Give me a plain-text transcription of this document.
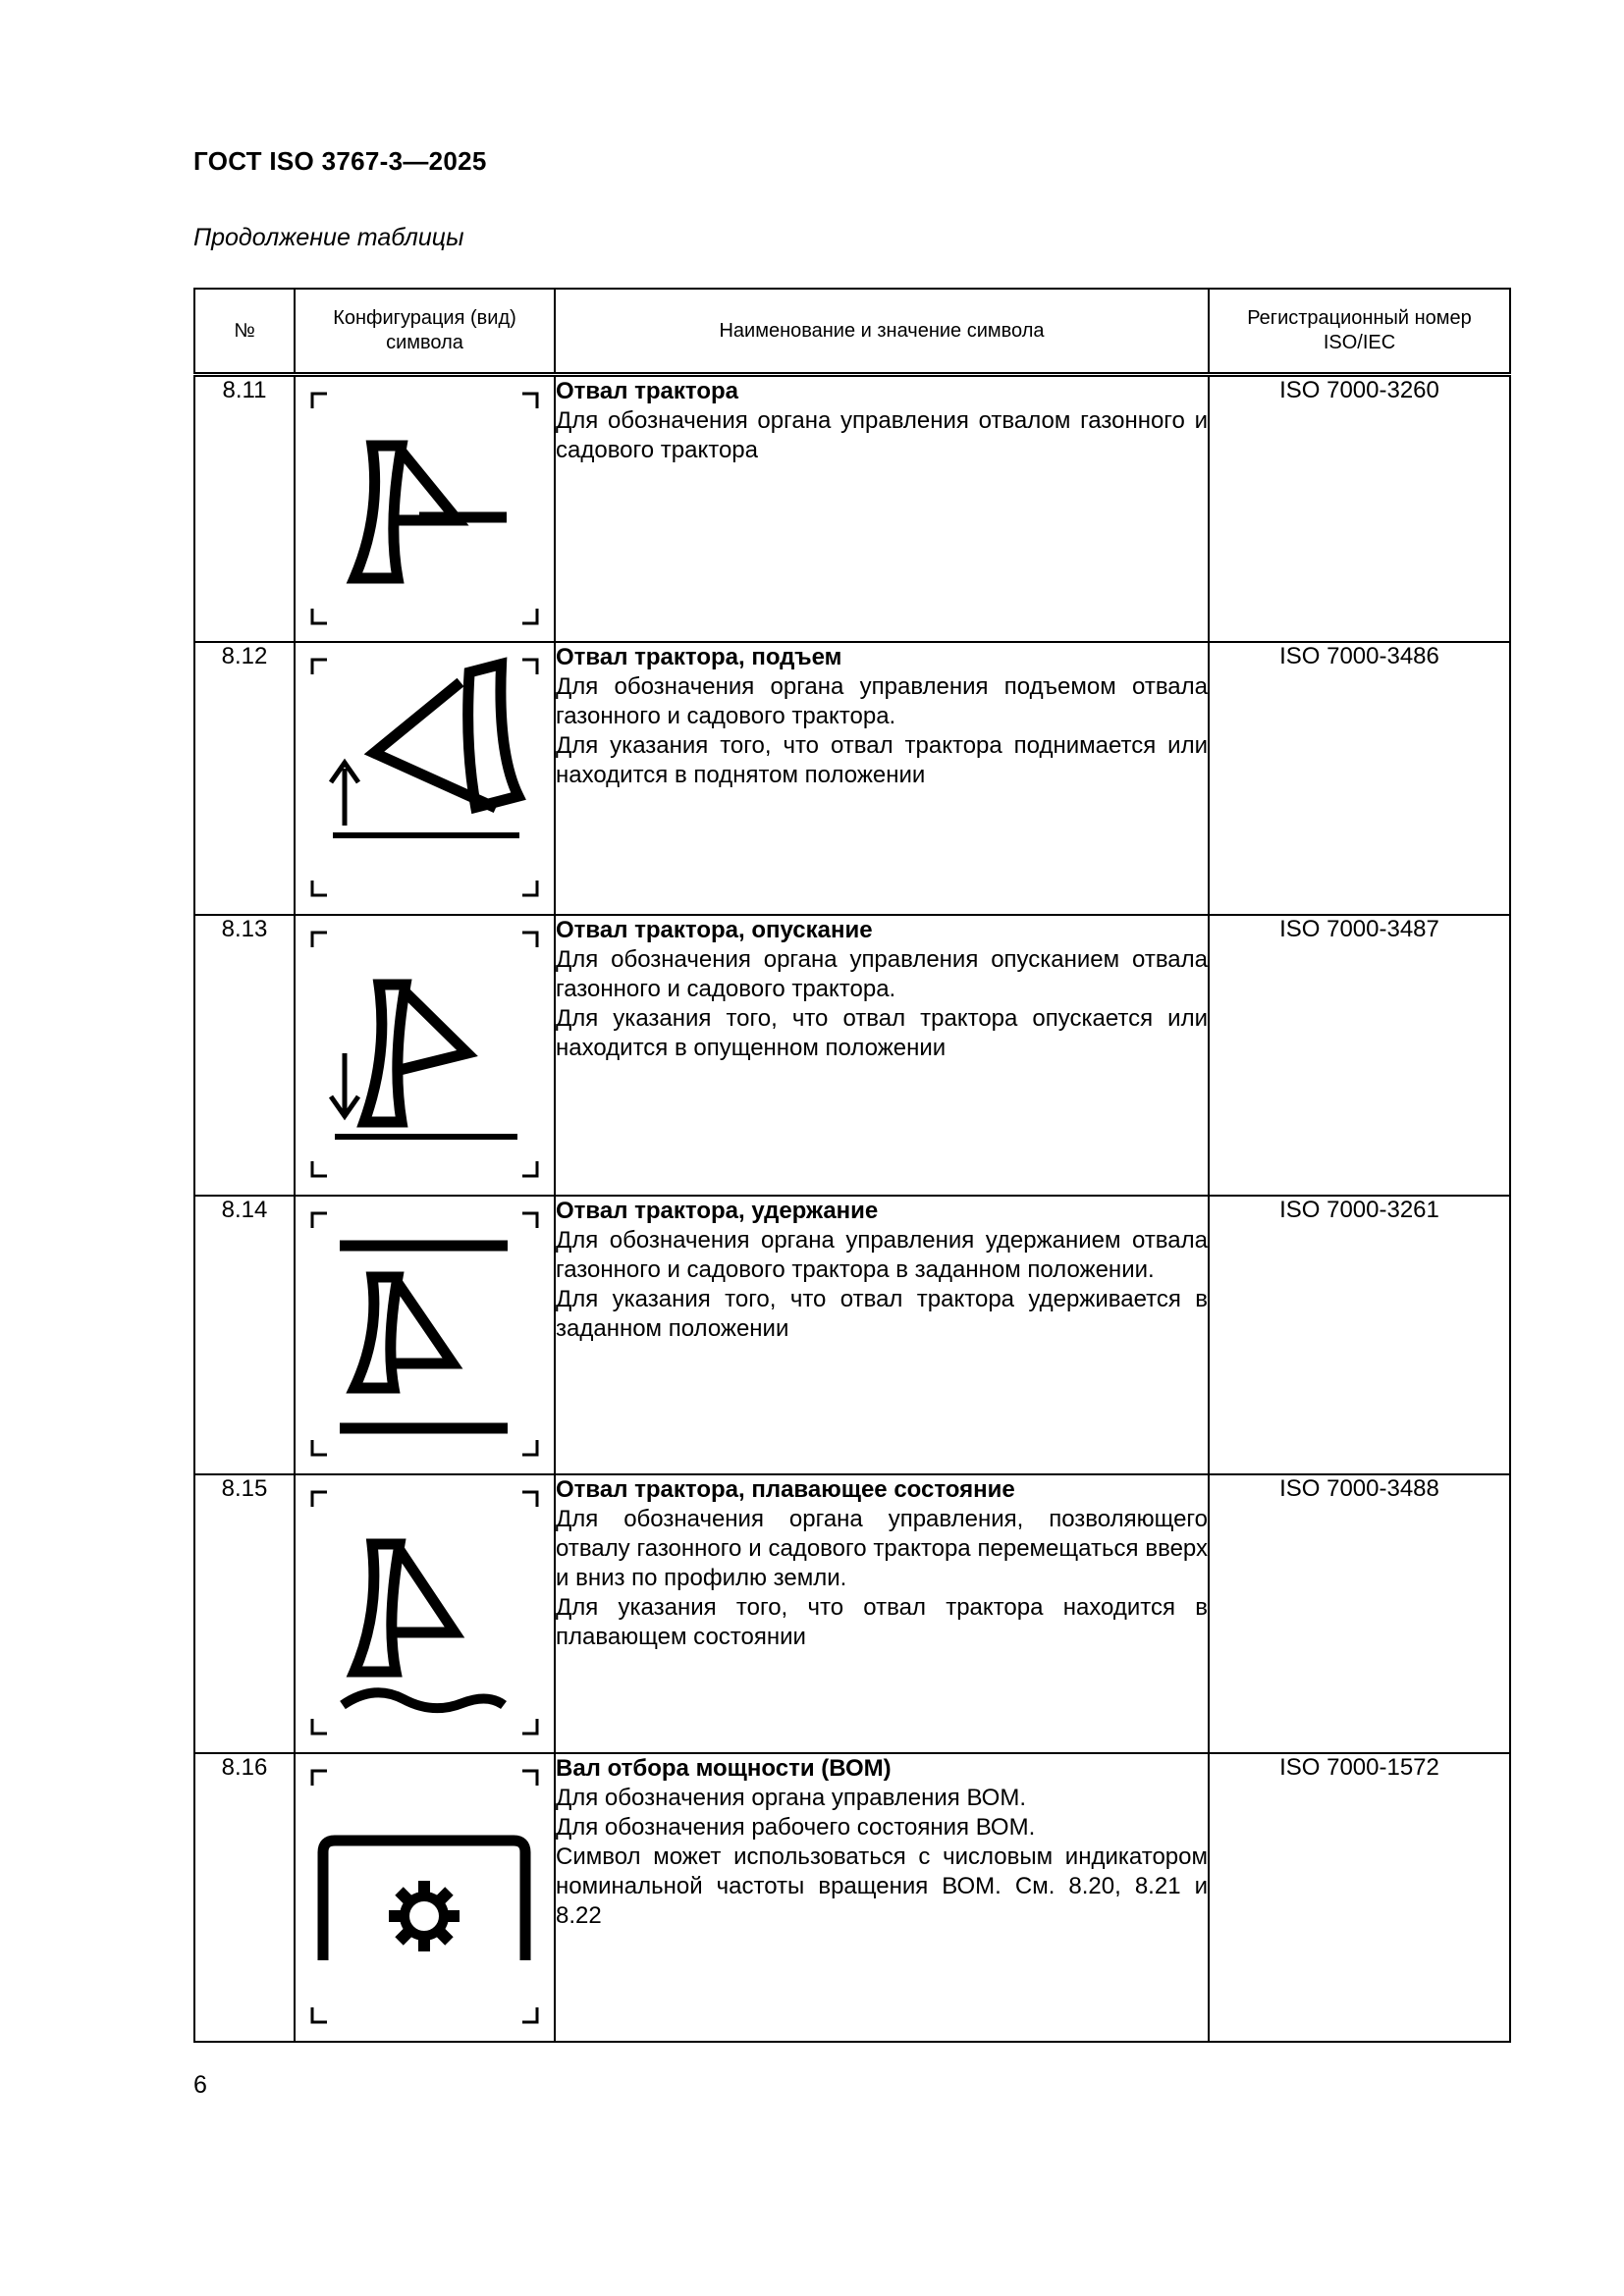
ГОСТ ISO 3767-3—2025
Продолжение таблицы
№	Конфигурация (вид) символа	Наименование и значение символа	Регистрационный номер ISO/IEC
8.11		Отвал трактора
Для обозначения органа управления отвалом газонного и садового трактора	ISO 7000-3260
8.12		Отвал трактора, подъем
Для обозначения органа управления подъемом отвала газонного и садового трактора.
Для указания того, что отвал трактора поднимается или находится в поднятом положении	ISO 7000-3486
8.13		Отвал трактора, опускание
Для обозначения органа управления опусканием отвала газонного и садового трактора.
Для указания того, что отвал трактора опускается или находится в опущенном положении	ISO 7000-3487
8.14		Отвал трактора, удержание
Для обозначения органа управления удержанием отвала газонного и садового трактора в заданном положении.
Для указания того, что отвал трактора удерживается в заданном положении	ISO 7000-3261
8.15		Отвал трактора, плавающее состояние
Для обозначения органа управления, позволяющего отвалу газонного и садового трактора перемещаться вверх и вниз по профилю земли.
Для указания того, что отвал трактора находится в плавающем состоянии	ISO 7000-3488
8.16		Вал отбора мощности (ВОМ)
Для обозначения органа управления ВОМ.
Для обозначения рабочего состояния ВОМ.
Символ может использоваться с числовым индикатором номинальной частоты вращения ВОМ. См. 8.20, 8.21 и 8.22	ISO 7000-1572
6
